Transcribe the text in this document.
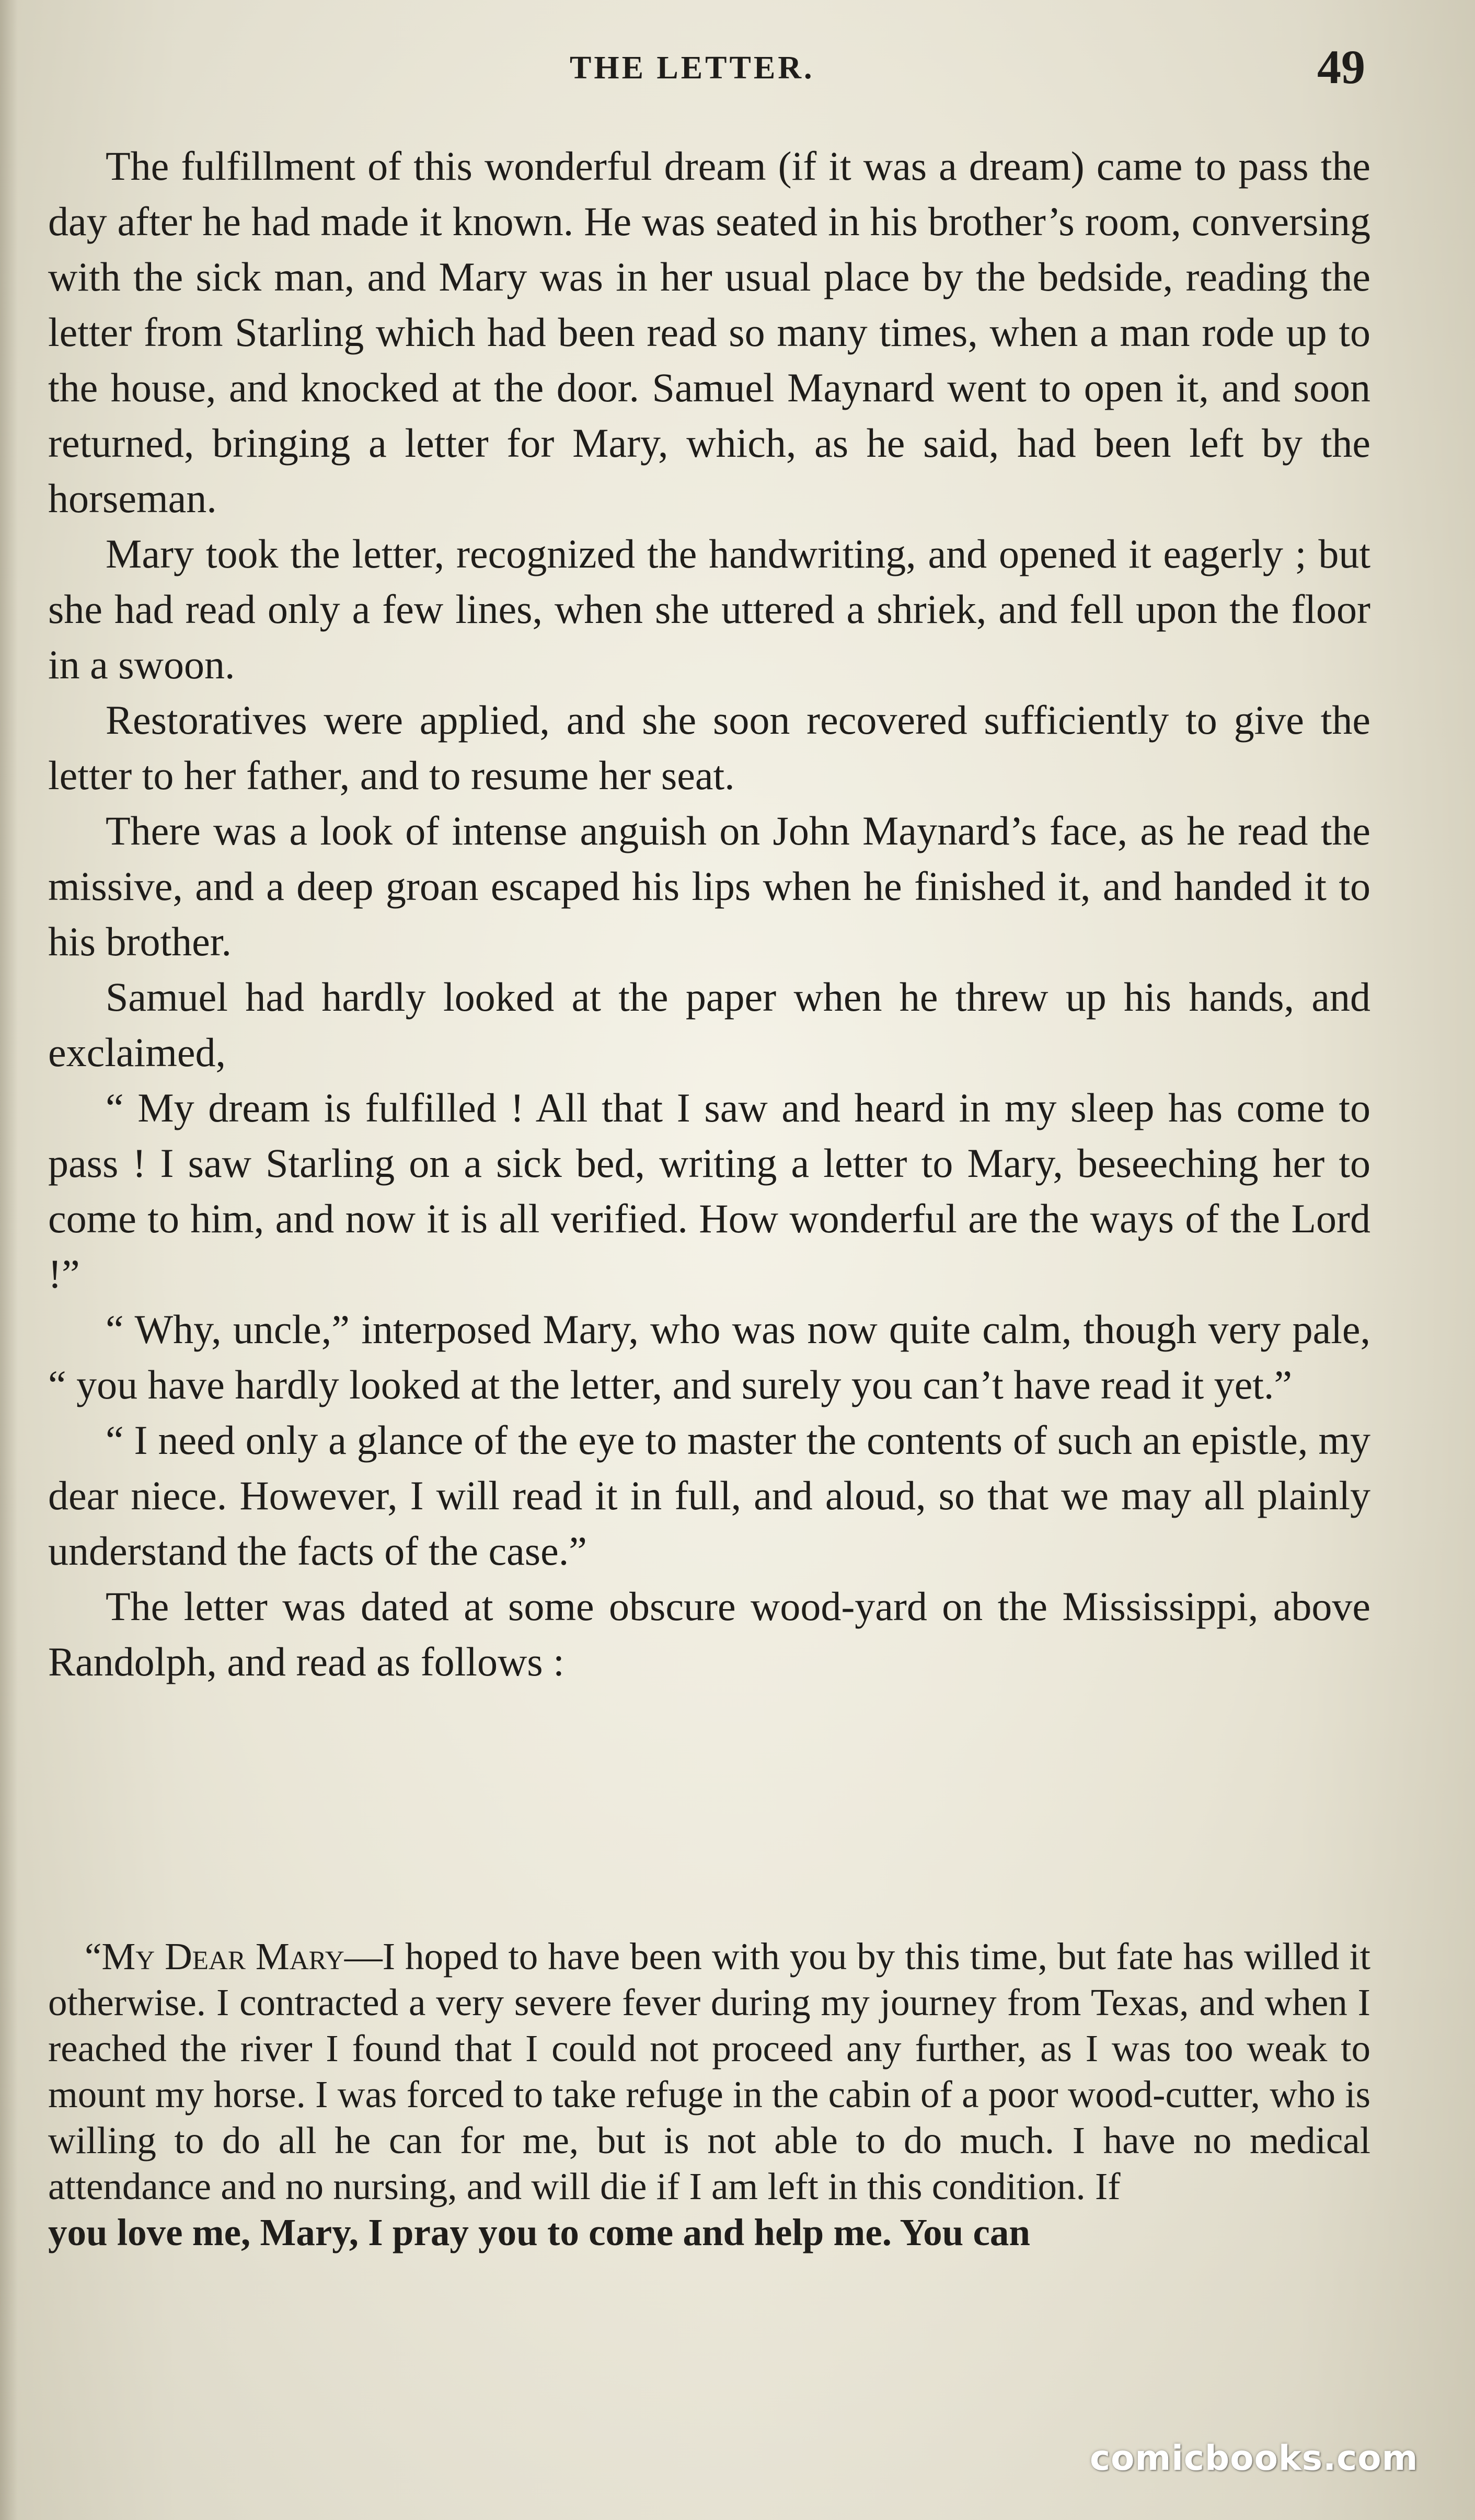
THE LETTER.	49

The fulfillment of this wonderful dream (if it was a dream) came to pass the day after he had made it known. He was seated in his brother’s room, conversing with the sick man, and Mary was in her usual place by the bedside, reading the letter from Starling which had been read so many times, when a man rode up to the house, and knocked at the door. Samuel Maynard went to open it, and soon returned, bringing a letter for Mary, which, as he said, had been left by the horseman.

Mary took the letter, recognized the handwriting, and opened it eagerly ; but she had read only a few lines, when she uttered a shriek, and fell upon the floor in a swoon.

Restoratives were applied, and she soon recovered sufficiently to give the letter to her father, and to resume her seat.

There was a look of intense anguish on John Maynard’s face, as he read the missive, and a deep groan escaped his lips when he finished it, and handed it to his brother.

Samuel had hardly looked at the paper when he threw up his hands, and exclaimed,

“ My dream is fulfilled ! All that I saw and heard in my sleep has come to pass ! I saw Starling on a sick bed, writing a letter to Mary, beseeching her to come to him, and now it is all verified. How wonderful are the ways of the Lord !”

“ Why, uncle,” interposed Mary, who was now quite calm, though very pale, “ you have hardly looked at the letter, and surely you can’t have read it yet.”

“ I need only a glance of the eye to master the contents of such an epistle, my dear niece. However, I will read it in full, and aloud, so that we may all plainly understand the facts of the case.”

The letter was dated at some obscure wood-yard on the Mississippi, above Randolph, and read as follows :

“My Dear Mary—I hoped to have been with you by this time, but fate has willed it otherwise. I contracted a very severe fever during my journey from Texas, and when I reached the river I found that I could not proceed any further, as I was too weak to mount my horse. I was forced to take refuge in the cabin of a poor wood-cutter, who is willing to do all he can for me, but is not able to do much. I have no medical attendance and no nursing, and will die if I am left in this condition. If

you love me, Mary, I pray you to come and help me. You can

comicbooks.com
